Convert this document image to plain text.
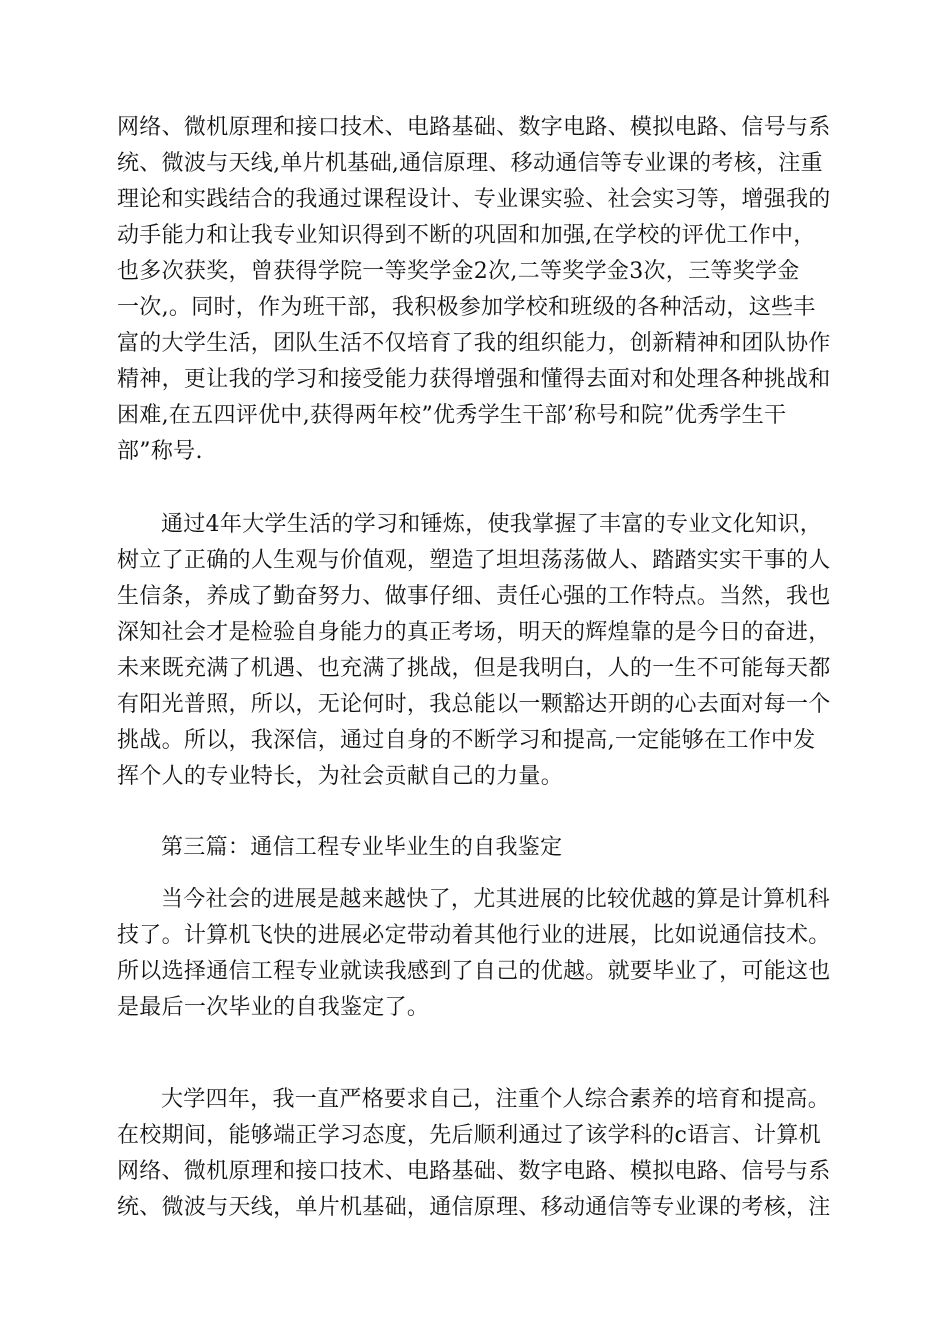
网络、微机原理和接口技术、电路基础、数字电路、模拟电路、信号与系
统、微波与天线,单片机基础,通信原理、移动通信等专业课的考核，注重
理论和实践结合的我通过课程设计、专业课实验、社会实习等，增强我的
动手能力和让我专业知识得到不断的巩固和加强,在学校的评优工作中，
也多次获奖，曾获得学院一等奖学金2次,二等奖学金3次，三等奖学金
一次,。同时，作为班干部，我积极参加学校和班级的各种活动，这些丰
富的大学生活，团队生活不仅培育了我的组织能力，创新精神和团队协作
精神，更让我的学习和接受能力获得增强和懂得去面对和处理各种挑战和
困难,在五四评优中,获得两年校”优秀学生干部’称号和院”优秀学生干
部”称号.
通过4年大学生活的学习和锤炼，使我掌握了丰富的专业文化知识，
树立了正确的人生观与价值观，塑造了坦坦荡荡做人、踏踏实实干事的人
生信条，养成了勤奋努力、做事仔细、责任心强的工作特点。当然，我也
深知社会才是检验自身能力的真正考场，明天的辉煌靠的是今日的奋进，
未来既充满了机遇、也充满了挑战，但是我明白，人的一生不可能每天都
有阳光普照，所以，无论何时，我总能以一颗豁达开朗的心去面对每一个
挑战。所以，我深信，通过自身的不断学习和提高,一定能够在工作中发
挥个人的专业特长，为社会贡献自己的力量。
第三篇：通信工程专业毕业生的自我鉴定
当今社会的进展是越来越快了，尤其进展的比较优越的算是计算机科
技了。计算机飞快的进展必定带动着其他行业的进展，比如说通信技术。
所以选择通信工程专业就读我感到了自己的优越。就要毕业了，可能这也
是最后一次毕业的自我鉴定了。
大学四年，我一直严格要求自己，注重个人综合素养的培育和提高。
在校期间，能够端正学习态度，先后顺利通过了该学科的c语言、计算机
网络、微机原理和接口技术、电路基础、数字电路、模拟电路、信号与系
统、微波与天线，单片机基础，通信原理、移动通信等专业课的考核，注
